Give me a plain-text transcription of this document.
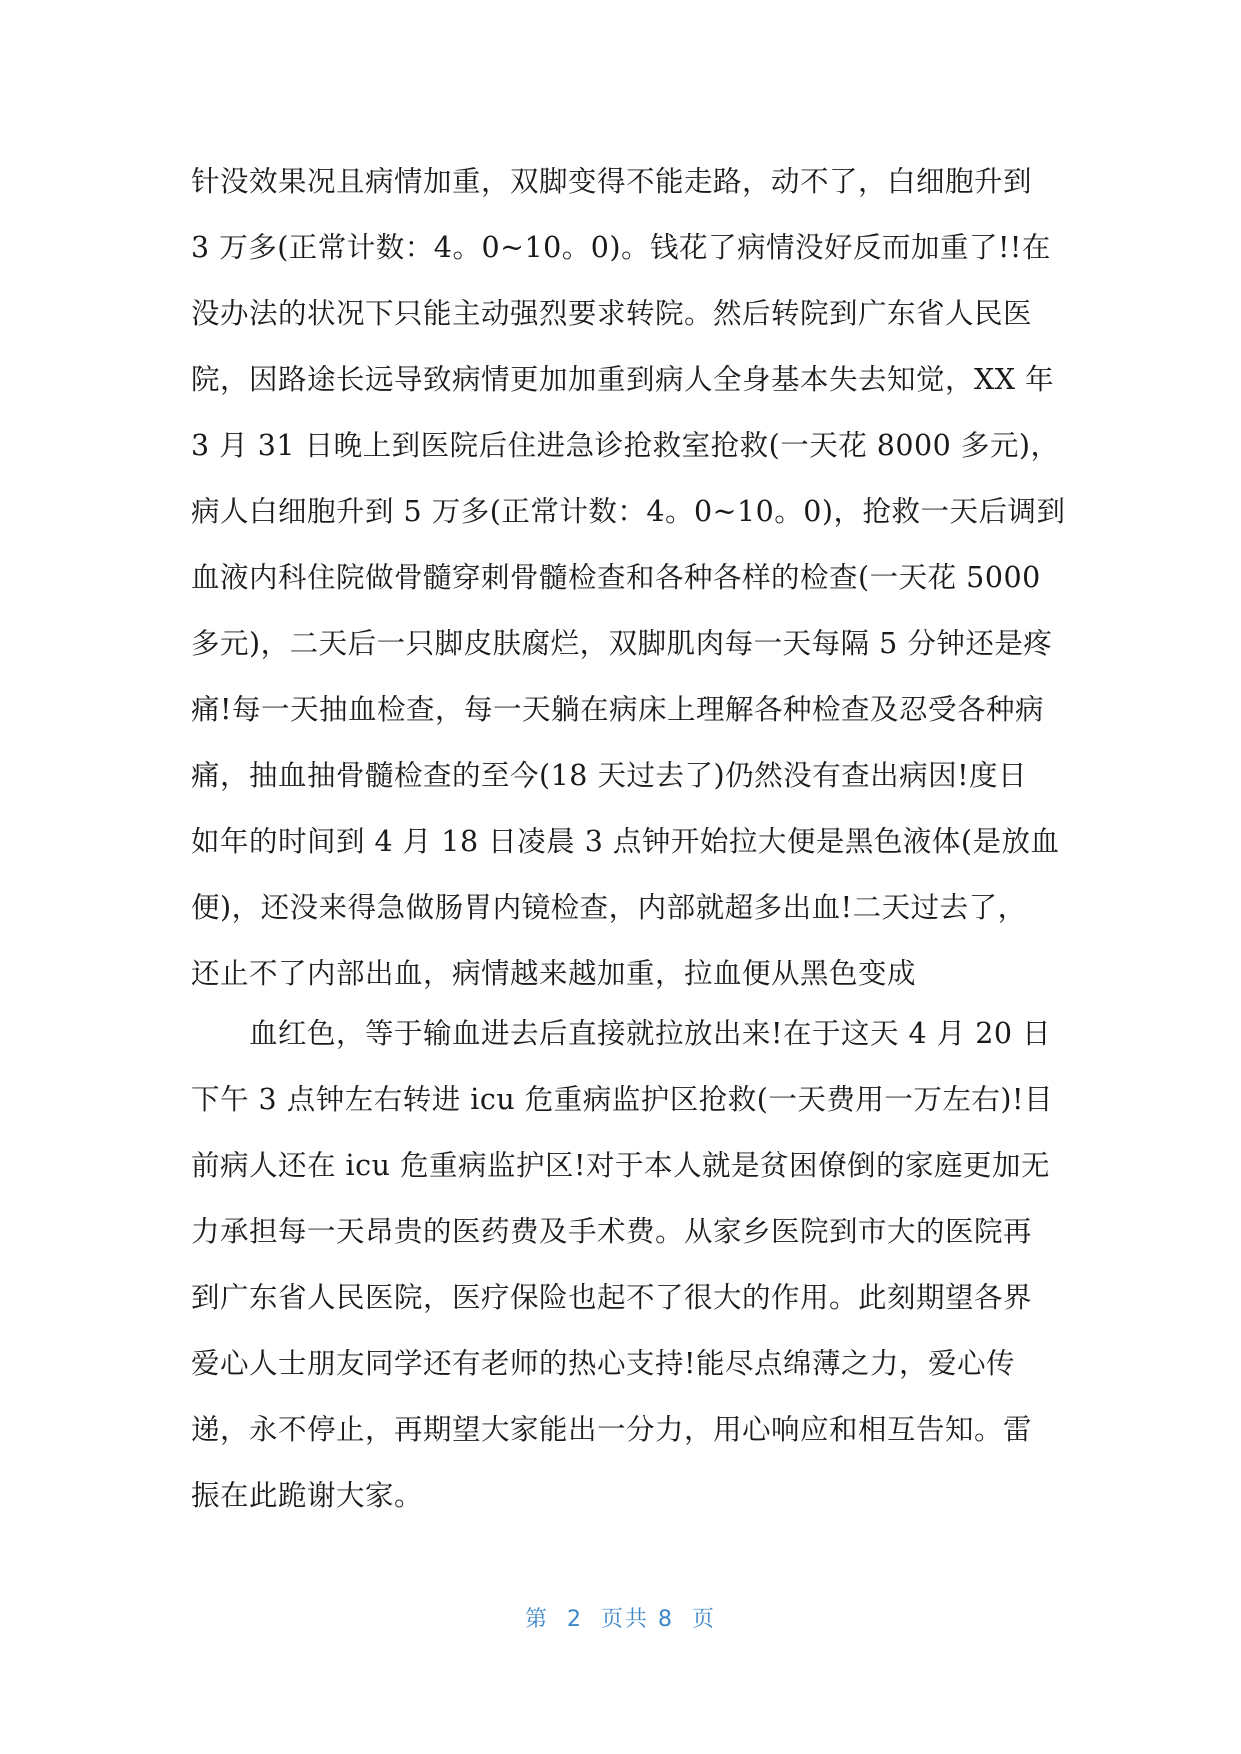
针没效果况且病情加重，双脚变得不能走路，动不了，白细胞升到
3 万多(正常计数：4。0~10。0)。钱花了病情没好反而加重了!!在
没办法的状况下只能主动强烈要求转院。然后转院到广东省人民医
院，因路途长远导致病情更加加重到病人全身基本失去知觉，XX 年
3 月 31 日晚上到医院后住进急诊抢救室抢救(一天花 8000 多元)，
病人白细胞升到 5 万多(正常计数：4。0~10。0)，抢救一天后调到
血液内科住院做骨髓穿刺骨髓检查和各种各样的检查(一天花 5000
多元)，二天后一只脚皮肤腐烂，双脚肌肉每一天每隔 5 分钟还是疼
痛!每一天抽血检查，每一天躺在病床上理解各种检查及忍受各种病
痛，抽血抽骨髓检查的至今(18 天过去了)仍然没有查出病因!度日
如年的时间到 4 月 18 日凌晨 3 点钟开始拉大便是黑色液体(是放血
便)，还没来得急做肠胃内镜检查，内部就超多出血!二天过去了，
还止不了内部出血，病情越来越加重，拉血便从黑色变成
血红色，等于输血进去后直接就拉放出来!在于这天 4 月 20 日
下午 3 点钟左右转进 icu 危重病监护区抢救(一天费用一万左右)!目
前病人还在 icu 危重病监护区!对于本人就是贫困僚倒的家庭更加无
力承担每一天昂贵的医药费及手术费。从家乡医院到市大的医院再
到广东省人民医院，医疗保险也起不了很大的作用。此刻期望各界
爱心人士朋友同学还有老师的热心支持!能尽点绵薄之力，爱心传
递，永不停止，再期望大家能出一分力，用心响应和相互告知。雷
振在此跪谢大家。
第  2  页共 8  页
